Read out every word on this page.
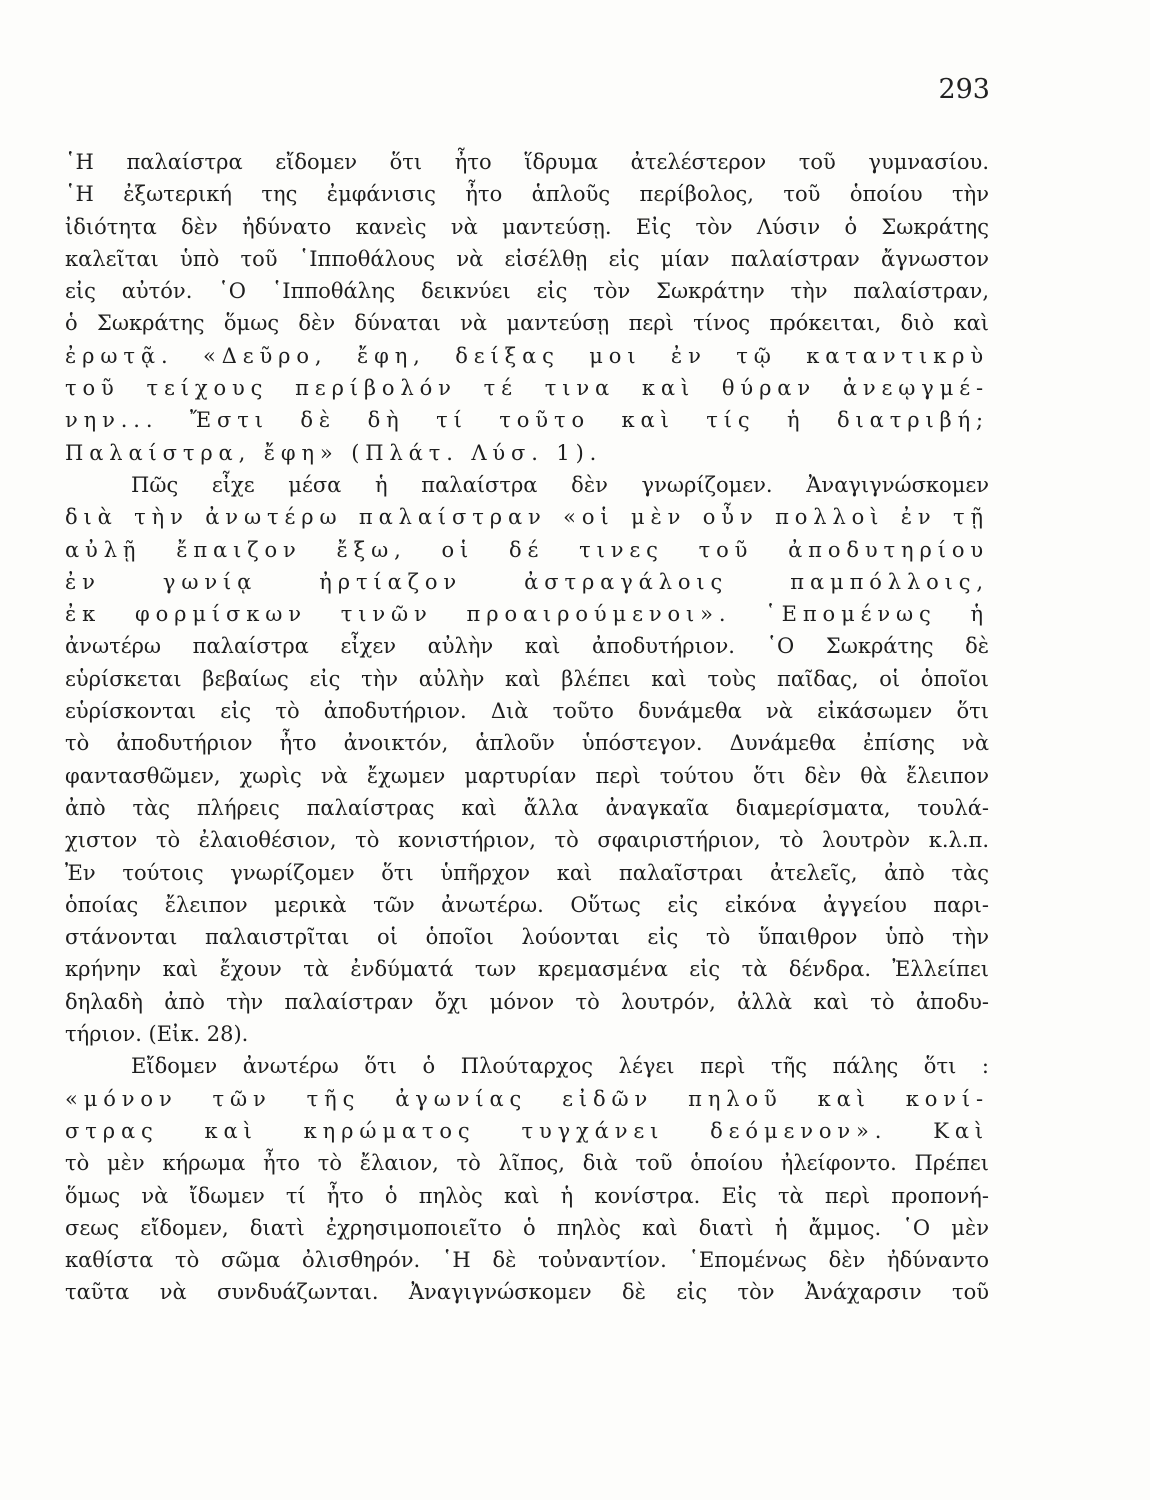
293
῾Η παλαίστρα εἴδομεν ὅτι ἦτο ἵδρυμα ἀτελέστερον τοῦ γυμνασίου.
῾Η ἐξωτερική της ἐμφάνισις ἦτο ἁπλοῦς περίβολος, τοῦ ὁποίου τὴν
ἰδιότητα δὲν ἠδύνατο κανεὶς νὰ μαντεύσῃ. Εἰς τὸν Λύσιν ὁ Σωκράτης
καλεῖται ὑπὸ τοῦ ῾Ιπποθάλους νὰ εἰσέλθῃ εἰς μίαν παλαίστραν ἄγνωστον
εἰς αὐτόν. ῾Ο ῾Ιπποθάλης δεικνύει εἰς τὸν Σωκράτην τὴν παλαίστραν,
ὁ Σωκράτης ὅμως δὲν δύναται νὰ μαντεύσῃ περὶ τίνος πρόκειται, διὸ καὶ
ἐρωτᾷ. «Δεῦρο, ἔφη, δείξας μοι ἐν τῷ καταντικρὺ
τοῦ τείχους περίβολόν τέ τινα καὶ θύραν ἀνεῳγμέ-
νην... Ἔστι δὲ δὴ τί τοῦτο καὶ τίς ἡ διατριβή;
Παλαίστρα, ἔφη» (Πλάτ. Λύσ. 1).
Πῶς εἶχε μέσα ἡ παλαίστρα δὲν γνωρίζομεν. Ἀναγιγνώσκομεν
διὰ τὴν ἀνωτέρω παλαίστραν «οἱ μὲν οὖν πολλοὶ ἐν τῇ
αὐλῇ ἔπαιζον ἔξω, οἱ δέ τινες τοῦ ἀποδυτηρίου
ἐν γωνίᾳ ἠρτίαζον ἀστραγάλοις παμπόλλοις,
ἐκ φορμίσκων τινῶν προαιρούμενοι». ῾Επομένως ἡ
ἀνωτέρω παλαίστρα εἶχεν αὐλὴν καὶ ἀποδυτήριον. ῾Ο Σωκράτης δὲ
εὑρίσκεται βεβαίως εἰς τὴν αὐλὴν καὶ βλέπει καὶ τοὺς παῖδας, οἱ ὁποῖοι
εὑρίσκονται εἰς τὸ ἀποδυτήριον. Διὰ τοῦτο δυνάμεθα νὰ εἰκάσωμεν ὅτι
τὸ ἀποδυτήριον ἦτο ἀνοικτόν, ἁπλοῦν ὑπόστεγον. Δυνάμεθα ἐπίσης νὰ
φαντασθῶμεν, χωρὶς νὰ ἔχωμεν μαρτυρίαν περὶ τούτου ὅτι δὲν θὰ ἔλειπον
ἀπὸ τὰς πλήρεις παλαίστρας καὶ ἄλλα ἀναγκαῖα διαμερίσματα, τουλά-
χιστον τὸ ἐλαιοθέσιον, τὸ κονιστήριον, τὸ σφαιριστήριον, τὸ λουτρὸν κ.λ.π.
Ἐν τούτοις γνωρίζομεν ὅτι ὑπῆρχον καὶ παλαῖστραι ἀτελεῖς, ἀπὸ τὰς
ὁποίας ἔλειπον μερικὰ τῶν ἀνωτέρω. Οὕτως εἰς εἰκόνα ἀγγείου παρι-
στάνονται παλαιστρῖται οἱ ὁποῖοι λούονται εἰς τὸ ὕπαιθρον ὑπὸ τὴν
κρήνην καὶ ἔχουν τὰ ἐνδύματά των κρεμασμένα εἰς τὰ δένδρα. Ἐλλείπει
δηλαδὴ ἀπὸ τὴν παλαίστραν ὄχι μόνον τὸ λουτρόν, ἀλλὰ καὶ τὸ ἀποδυ-
τήριον. (Εἰκ. 28).
Εἴδομεν ἀνωτέρω ὅτι ὁ Πλούταρχος λέγει περὶ τῆς πάλης ὅτι :
«μόνον τῶν τῆς ἀγωνίας εἰδῶν πηλοῦ καὶ κονί-
στρας καὶ κηρώματος τυγχάνει δεόμενον». Καὶ
τὸ μὲν κήρωμα ἦτο τὸ ἔλαιον, τὸ λῖπος, διὰ τοῦ ὁποίου ἠλείφοντο. Πρέπει
ὅμως νὰ ἴδωμεν τί ἦτο ὁ πηλὸς καὶ ἡ κονίστρα. Εἰς τὰ περὶ προπονή-
σεως εἴδομεν, διατὶ ἐχρησιμοποιεῖτο ὁ πηλὸς καὶ διατὶ ἡ ἄμμος. ῾Ο μὲν
καθίστα τὸ σῶμα ὀλισθηρόν. ῾Η δὲ τοὐναντίον. ῾Επομένως δὲν ἠδύναντο
ταῦτα νὰ συνδυάζωνται. Ἀναγιγνώσκομεν δὲ εἰς τὸν Ἀνάχαρσιν τοῦ
